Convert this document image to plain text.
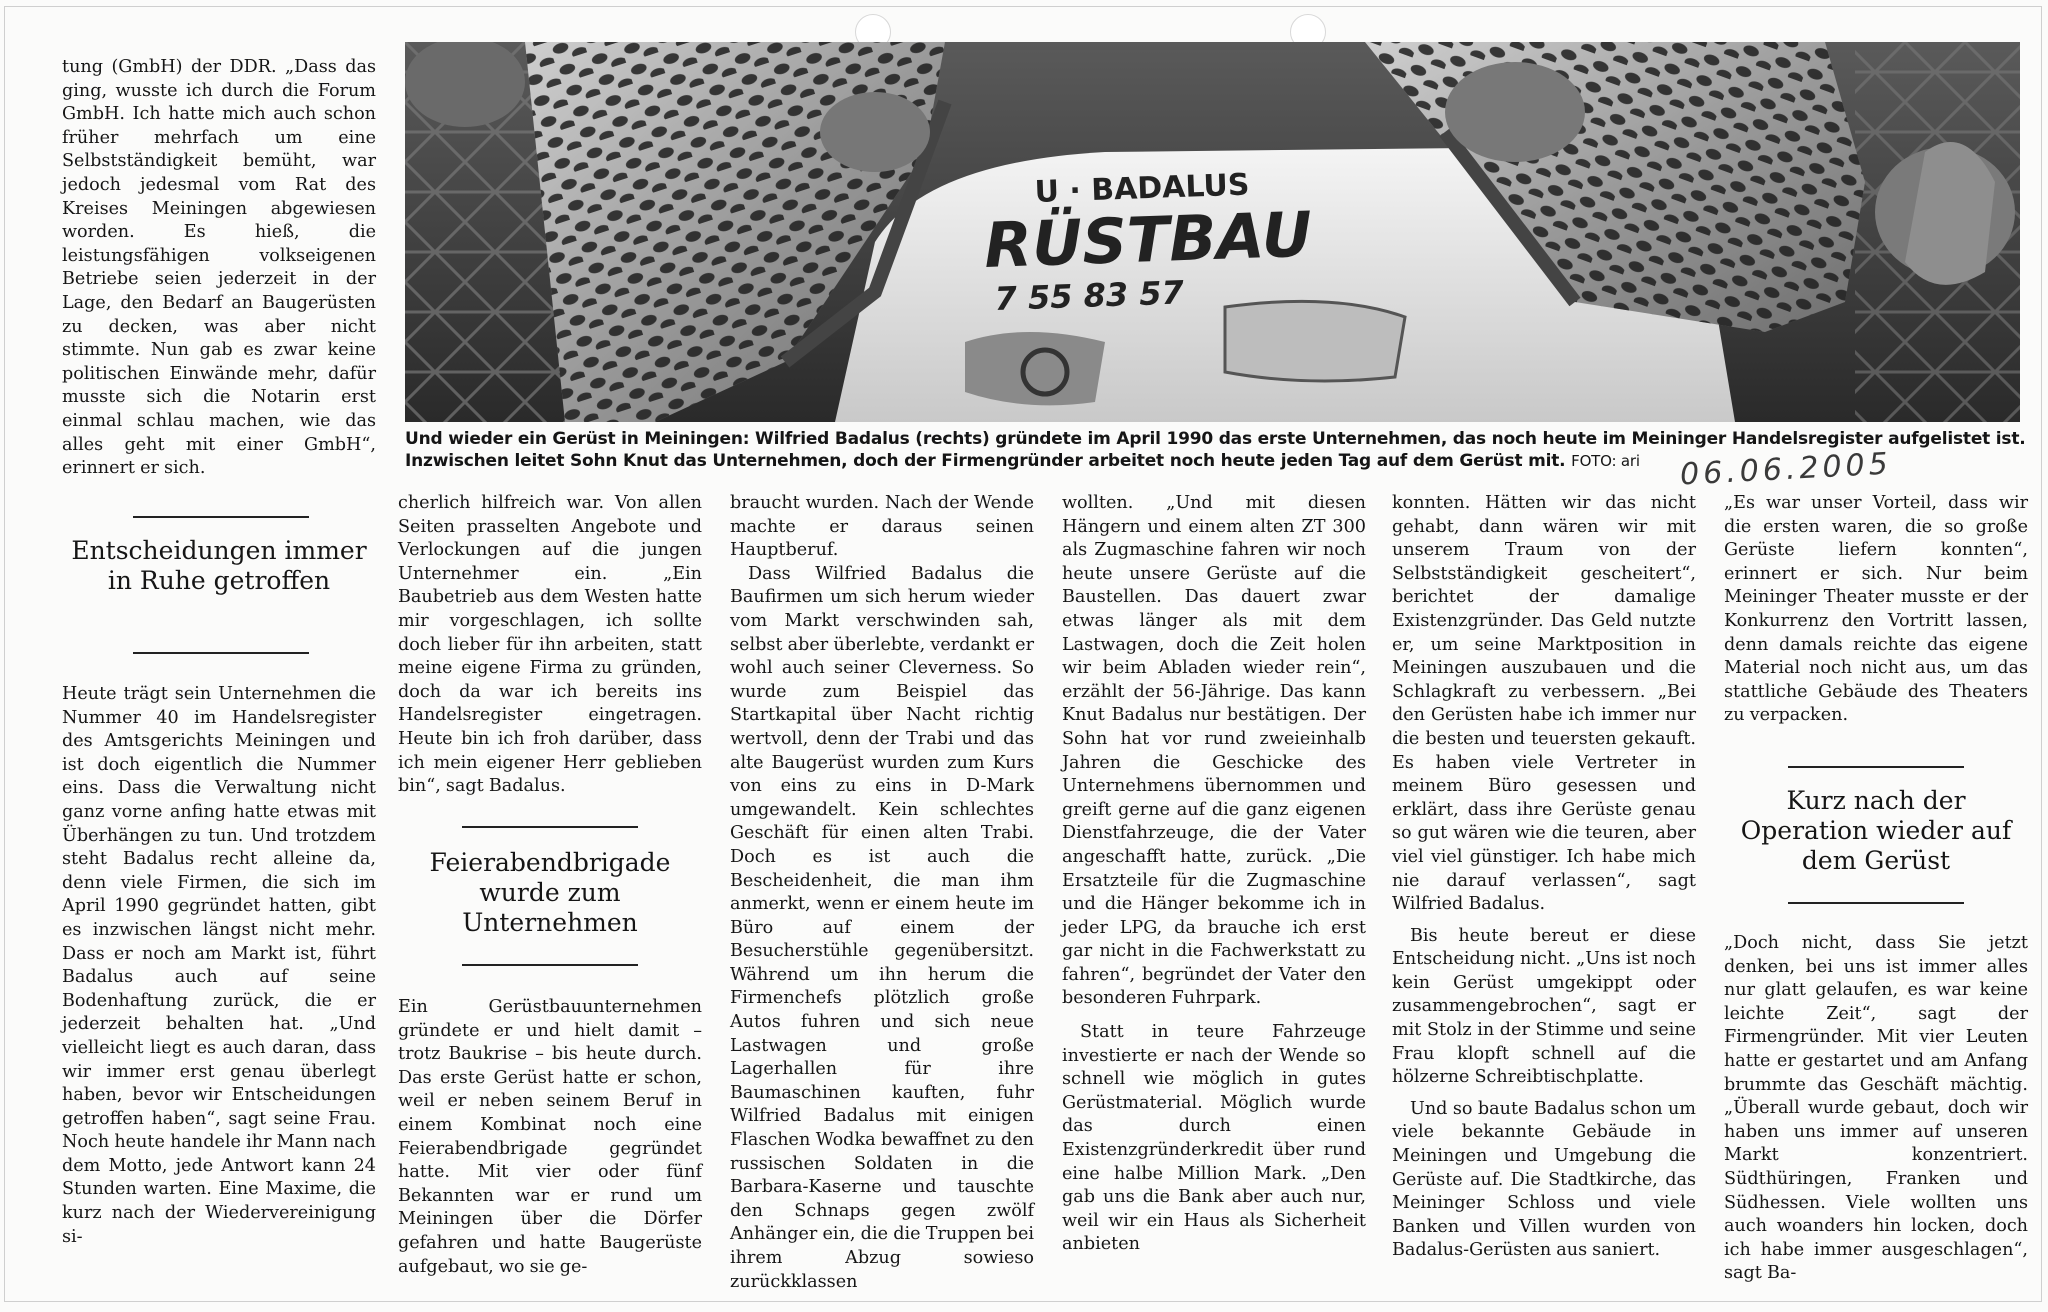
U · BADALUS
RÜSTBAU
7 55 83 57
Und wieder ein Gerüst in Meiningen: Wilfried Badalus (rechts) gründete im April 1990 das erste Unternehmen, das noch heute im Meininger Handelsregister aufgelistet ist.
Inzwischen leitet Sohn Knut das Unternehmen, doch der Firmengründer arbeitet noch heute jeden Tag auf dem Gerüst mit. FOTO: ari	06.06.2005

tung (GmbH) der DDR. „Dass das ging, wusste ich durch die Forum GmbH. Ich hatte mich auch schon früher mehrfach um eine Selbstständigkeit bemüht, war jedoch jedesmal vom Rat des Kreises Meiningen abgewiesen worden. Es hieß, die leistungsfähigen volkseigenen Betriebe seien jederzeit in der Lage, den Bedarf an Baugerüsten zu decken, was aber nicht stimmte. Nun gab es zwar keine politischen Einwände mehr, dafür musste sich die Notarin erst einmal schlau machen, wie das alles geht mit einer GmbH“, erinnert er sich.

Entscheidungen immer in Ruhe getroffen

Heute trägt sein Unternehmen die Nummer 40 im Handelsregister des Amtsgerichts Meiningen und ist doch eigentlich die Nummer eins. Dass die Verwaltung nicht ganz vorne anfing hatte etwas mit Überhängen zu tun. Und trotzdem steht Badalus recht alleine da, denn viele Firmen, die sich im April 1990 gegründet hatten, gibt es inzwischen längst nicht mehr. Dass er noch am Markt ist, führt Badalus auch auf seine Bodenhaftung zurück, die er jederzeit behalten hat. „Und vielleicht liegt es auch daran, dass wir immer erst genau überlegt haben, bevor wir Entscheidungen getroffen haben“, sagt seine Frau. Noch heute handele ihr Mann nach dem Motto, jede Antwort kann 24 Stunden warten. Eine Maxime, die kurz nach der Wiedervereinigung si-

cherlich hilfreich war. Von allen Seiten prasselten Angebote und Verlockungen auf die jungen Unternehmer ein. „Ein Baubetrieb aus dem Westen hatte mir vorgeschlagen, ich sollte doch lieber für ihn arbeiten, statt meine eigene Firma zu gründen, doch da war ich bereits ins Handelsregister eingetragen. Heute bin ich froh darüber, dass ich mein eigener Herr geblieben bin“, sagt Badalus.

Feierabendbrigade wurde zum Unternehmen

Ein Gerüstbauunternehmen gründete er und hielt damit – trotz Baukrise – bis heute durch. Das erste Gerüst hatte er schon, weil er neben seinem Beruf in einem Kombinat noch eine Feierabendbrigade gegründet hatte. Mit vier oder fünf Bekannten war er rund um Meiningen über die Dörfer gefahren und hatte Baugerüste aufgebaut, wo sie ge-

braucht wurden. Nach der Wende machte er daraus seinen Hauptberuf.

Dass Wilfried Badalus die Baufirmen um sich herum wieder vom Markt verschwinden sah, selbst aber überlebte, verdankt er wohl auch seiner Cleverness. So wurde zum Beispiel das Startkapital über Nacht richtig wertvoll, denn der Trabi und das alte Baugerüst wurden zum Kurs von eins zu eins in D-Mark umgewandelt. Kein schlechtes Geschäft für einen alten Trabi. Doch es ist auch die Bescheidenheit, die man ihm anmerkt, wenn er einem heute im Büro auf einem der Besucherstühle gegenübersitzt. Während um ihn herum die Firmenchefs plötzlich große Autos fuhren und sich neue Lastwagen und große Lagerhallen für ihre Baumaschinen kauften, fuhr Wilfried Badalus mit einigen Flaschen Wodka bewaffnet zu den russischen Soldaten in die Barbara-Kaserne und tauschte den Schnaps gegen zwölf Anhänger ein, die die Truppen bei ihrem Abzug sowieso zurückklassen

wollten. „Und mit diesen Hängern und einem alten ZT 300 als Zugmaschine fahren wir noch heute unsere Gerüste auf die Baustellen. Das dauert zwar etwas länger als mit dem Lastwagen, doch die Zeit holen wir beim Abladen wieder rein“, erzählt der 56-Jährige. Das kann Knut Badalus nur bestätigen. Der Sohn hat vor rund zweieinhalb Jahren die Geschicke des Unternehmens übernommen und greift gerne auf die ganz eigenen Dienstfahrzeuge, die der Vater angeschafft hatte, zurück. „Die Ersatzteile für die Zugmaschine und die Hänger bekomme ich in jeder LPG, da brauche ich erst gar nicht in die Fachwerkstatt zu fahren“, begründet der Vater den besonderen Fuhrpark.

Statt in teure Fahrzeuge investierte er nach der Wende so schnell wie möglich in gutes Gerüstmaterial. Möglich wurde das durch einen Existenzgründerkredit über rund eine halbe Million Mark. „Den gab uns die Bank aber auch nur, weil wir ein Haus als Sicherheit anbieten

konnten. Hätten wir das nicht gehabt, dann wären wir mit unserem Traum von der Selbstständigkeit gescheitert“, berichtet der damalige Existenzgründer. Das Geld nutzte er, um seine Marktposition in Meiningen auszubauen und die Schlagkraft zu verbessern. „Bei den Gerüsten habe ich immer nur die besten und teuersten gekauft. Es haben viele Vertreter in meinem Büro gesessen und erklärt, dass ihre Gerüste genau so gut wären wie die teuren, aber viel viel günstiger. Ich habe mich nie darauf verlassen“, sagt Wilfried Badalus.

Bis heute bereut er diese Entscheidung nicht. „Uns ist noch kein Gerüst umgekippt oder zusammengebrochen“, sagt er mit Stolz in der Stimme und seine Frau klopft schnell auf die hölzerne Schreibtischplatte.

Und so baute Badalus schon um viele bekannte Gebäude in Meiningen und Umgebung die Gerüste auf. Die Stadtkirche, das Meininger Schloss und viele Banken und Villen wurden von Badalus-Gerüsten aus saniert.

„Es war unser Vorteil, dass wir die ersten waren, die so große Gerüste liefern konnten“, erinnert er sich. Nur beim Meininger Theater musste er der Konkurrenz den Vortritt lassen, denn damals reichte das eigene Material noch nicht aus, um das stattliche Gebäude des Theaters zu verpacken.

Kurz nach der Operation wieder auf dem Gerüst

„Doch nicht, dass Sie jetzt denken, bei uns ist immer alles nur glatt gelaufen, es war keine leichte Zeit“, sagt der Firmengründer. Mit vier Leuten hatte er gestartet und am Anfang brummte das Geschäft mächtig. „Überall wurde gebaut, doch wir haben uns immer auf unseren Markt konzentriert. Südthüringen, Franken und Südhessen. Viele wollten uns auch woanders hin locken, doch ich habe immer ausgeschlagen“, sagt Ba-
